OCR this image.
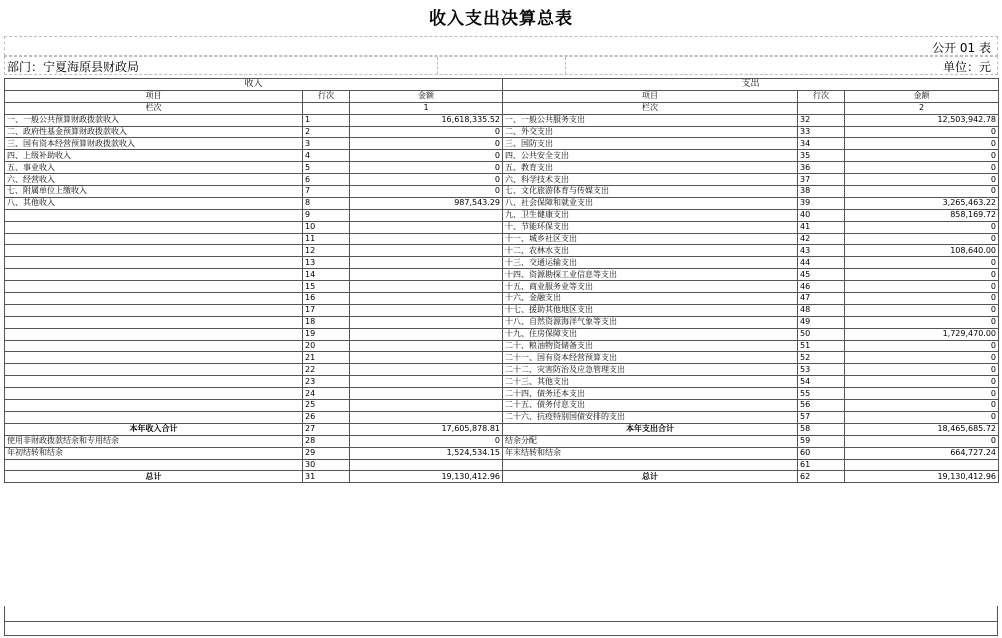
收入支出决算总表
公开 01 表
部门：宁夏海原县财政局	单位：元
收入			支出		
项目	行次	金额	项目	行次	金额
栏次		1	栏次		2
一、一般公共预算财政拨款收入	1	16,618,335.52	一、一般公共服务支出	32	12,503,942.78
二、政府性基金预算财政拨款收入	2	0	二、外交支出	33	0
三、国有资本经营预算财政拨款收入	3	0	三、国防支出	34	0
四、上级补助收入	4	0	四、公共安全支出	35	0
五、事业收入	5	0	五、教育支出	36	0
六、经营收入	6	0	六、科学技术支出	37	0
七、附属单位上缴收入	7	0	七、文化旅游体育与传媒支出	38	0
八、其他收入	8	987,543.29	八、社会保障和就业支出	39	3,265,463.22
	9		九、卫生健康支出	40	858,169.72
	10		十、节能环保支出	41	0
	11		十一、城乡社区支出	42	0
	12		十二、农林水支出	43	108,640.00
	13		十三、交通运输支出	44	0
	14		十四、资源勘探工业信息等支出	45	0
	15		十五、商业服务业等支出	46	0
	16		十六、金融支出	47	0
	17		十七、援助其他地区支出	48	0
	18		十八、自然资源海洋气象等支出	49	0
	19		十九、住房保障支出	50	1,729,470.00
	20		二十、粮油物资储备支出	51	0
	21		二十一、国有资本经营预算支出	52	0
	22		二十二、灾害防治及应急管理支出	53	0
	23		二十三、其他支出	54	0
	24		二十四、债务还本支出	55	0
	25		二十五、债务付息支出	56	0
	26		二十六、抗疫特别国债安排的支出	57	0
本年收入合计	27	17,605,878.81	本年支出合计	58	18,465,685.72
使用非财政拨款结余和专用结余	28	0	结余分配	59	0
年初结转和结余	29	1,524,534.15	年末结转和结余	60	664,727.24
	30			61	
总计	31	19,130,412.96	总计	62	19,130,412.96
